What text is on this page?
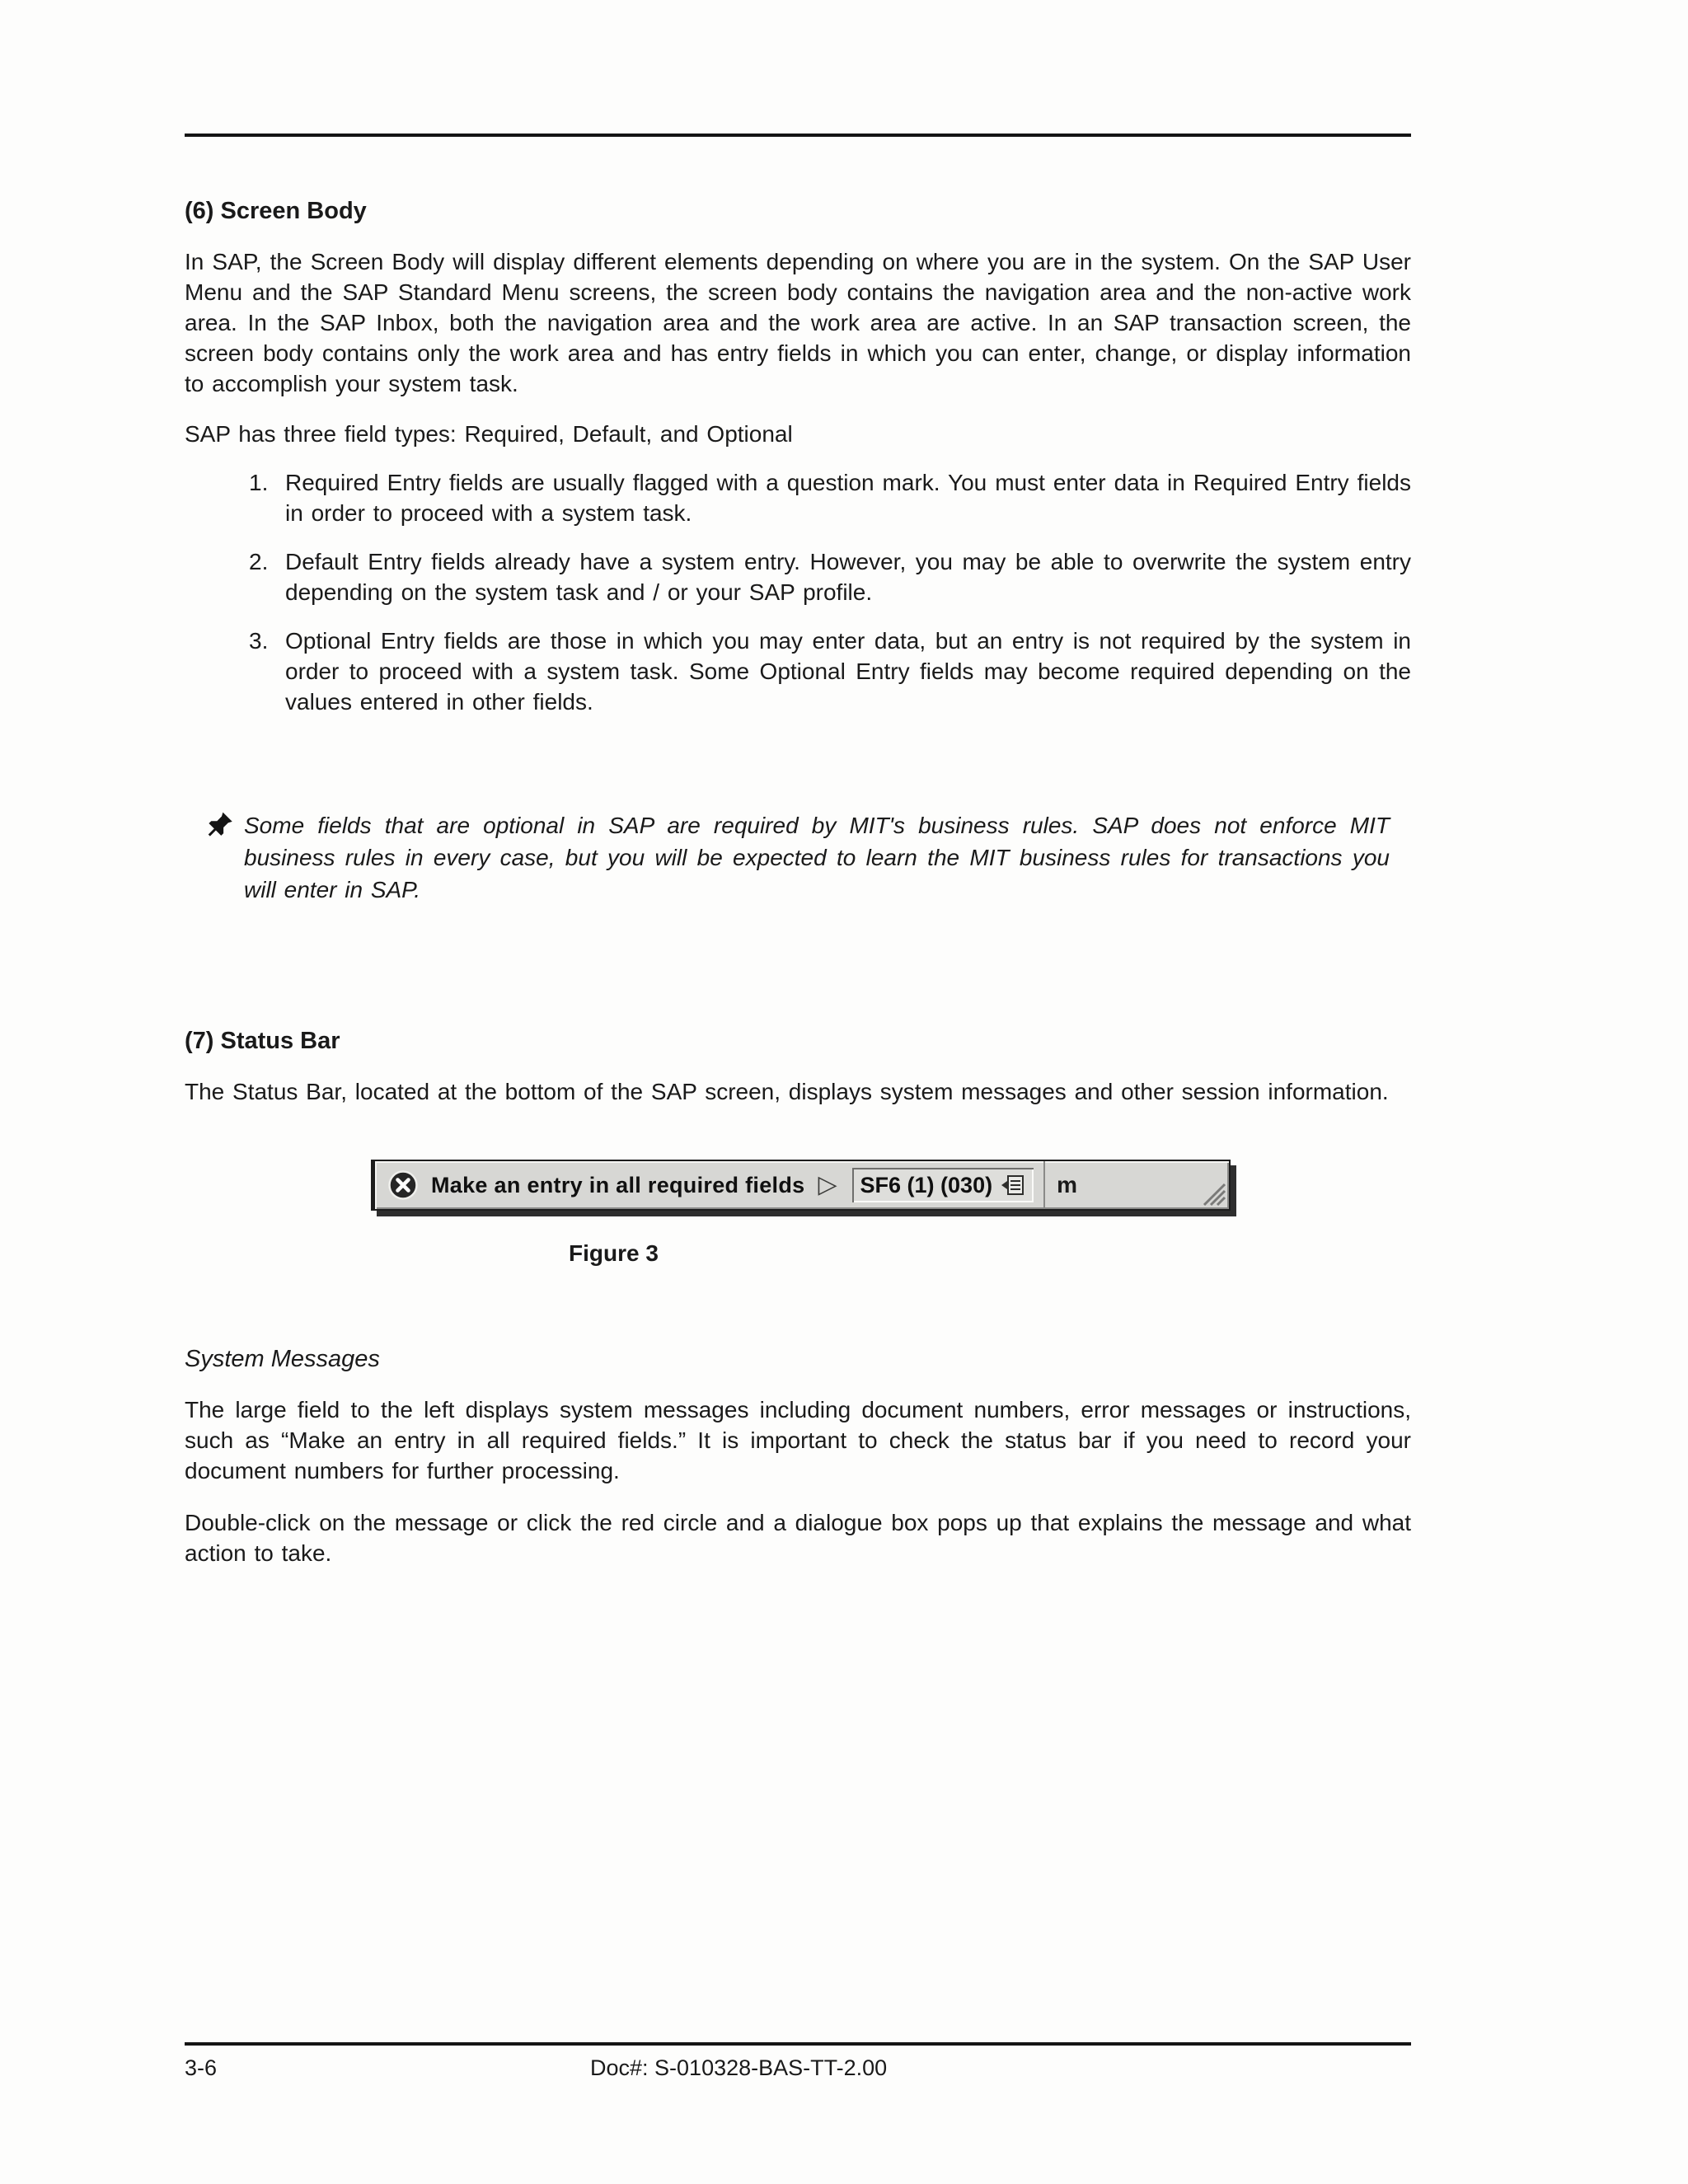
(6) Screen Body

In SAP, the Screen Body will display different elements depending on where you are in the system. On the SAP User Menu and the SAP Standard Menu screens, the screen body contains the navigation area and the non-active work area. In the SAP Inbox, both the navigation area and the work area are active. In an SAP transaction screen, the screen body contains only the work area and has entry fields in which you can enter, change, or display information to accomplish your system task.

SAP has three field types: Required, Default, and Optional

1. Required Entry fields are usually flagged with a question mark. You must enter data in Required Entry fields in order to proceed with a system task.
2. Default Entry fields already have a system entry. However, you may be able to overwrite the system entry depending on the system task and / or your SAP profile.
3. Optional Entry fields are those in which you may enter data, but an entry is not required by the system in order to proceed with a system task. Some Optional Entry fields may become required depending on the values entered in other fields.
Some fields that are optional in SAP are required by MIT's business rules. SAP does not enforce MIT business rules in every case, but you will be expected to learn the MIT business rules for transactions you will enter in SAP.
(7) Status Bar

The Status Bar, located at the bottom of the SAP screen, displays system messages and other session information.

Make an entry in all required fields ▷ SF6 (1) (030)	m
Figure 3
System Messages

The large field to the left displays system messages including document numbers, error messages or instructions, such as “Make an entry in all required fields.” It is important to check the status bar if you need to record your document numbers for further processing.

Double-click on the message or click the red circle and a dialogue box pops up that explains the message and what action to take.

3-6	Doc#: S-010328-BAS-TT-2.00
